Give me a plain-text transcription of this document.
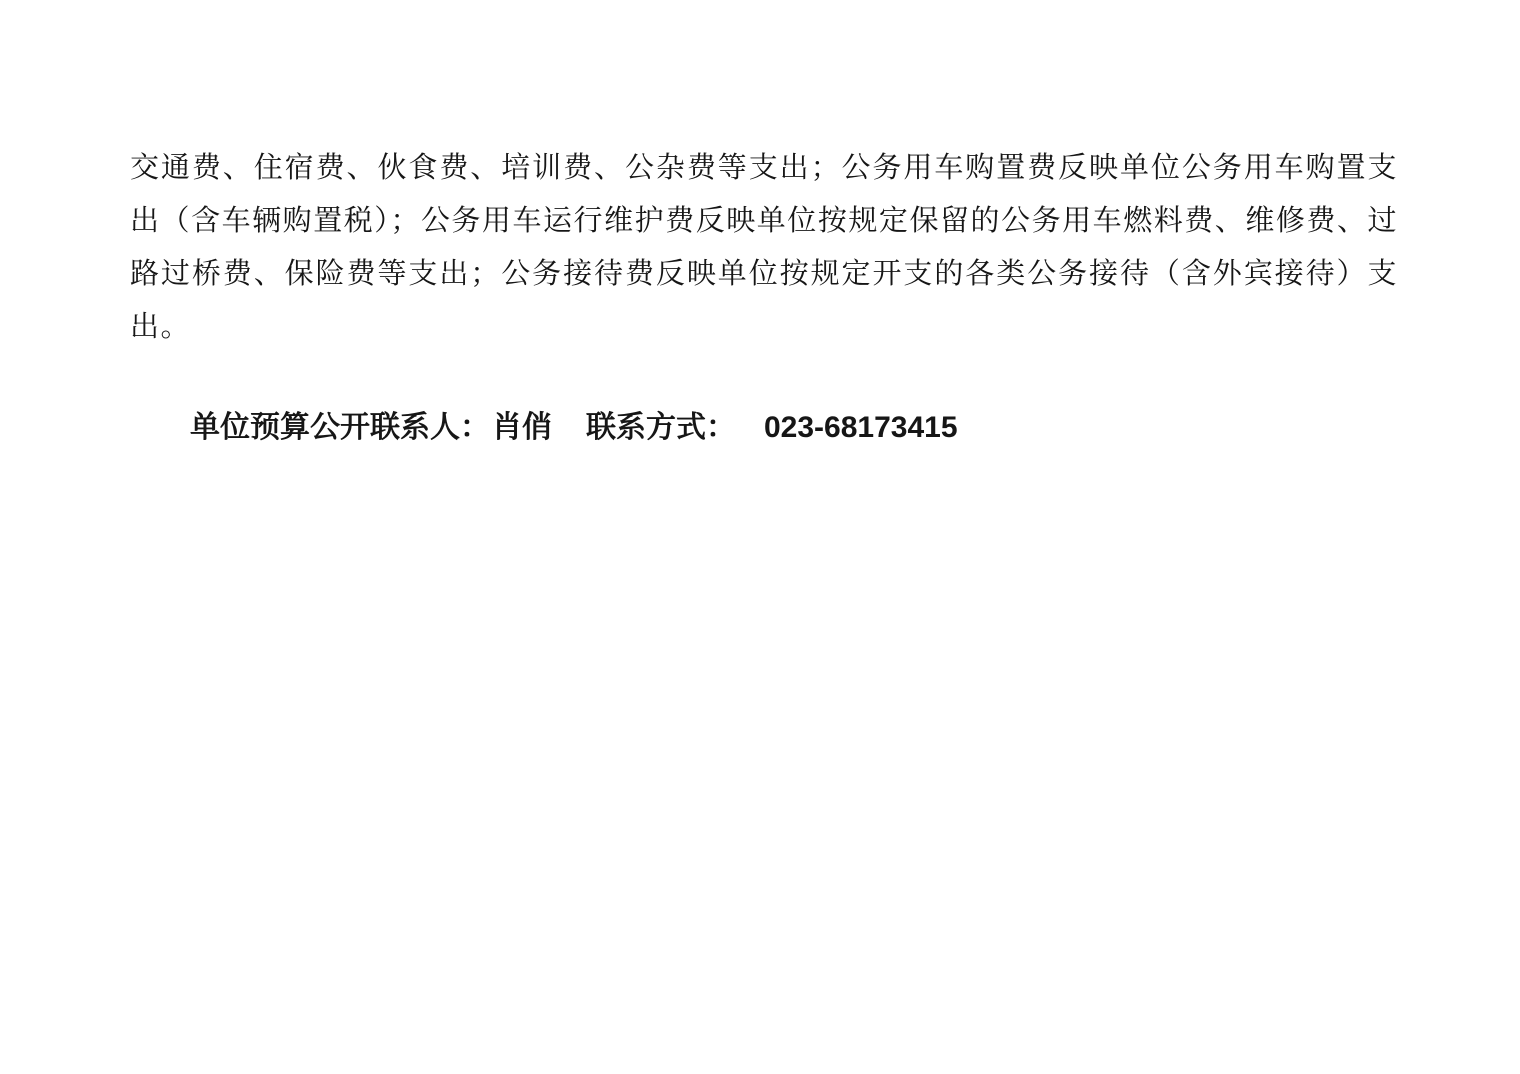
交通费、住宿费、伙食费、培训费、公杂费等支出；公务用车购置费反映单位公务用车购置支出（含车辆购置税）；公务用车运行维护费反映单位按规定保留的公务用车燃料费、维修费、过路过桥费、保险费等支出；公务接待费反映单位按规定开支的各类公务接待（含外宾接待）支出。

单位预算公开联系人：肖俏 联系方式： 023-68173415
